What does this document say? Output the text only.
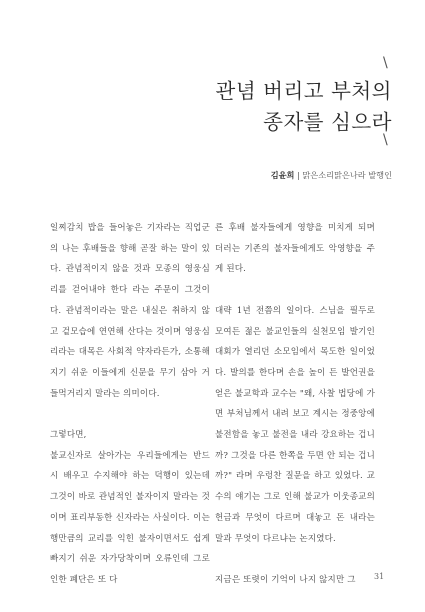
\
관념 버리고 부처의
종자를 심으라
\
김윤희 | 맑은소리맑은나라 발행인

일찌감치 밥을 들어놓은 기자라는 직업군의 나는 후배들을 향해 곧잘 하는 말이 있다. 관념적이지 않을 것과 모종의 영웅심리를 걷어내야 한다 라는 주문이 그것이다. 관념적이라는 말은 내실은 취하지 않고 겉모습에 연연해 산다는 것이며 영웅심리라는 대목은 사회적 약자라든가, 소통해지기 쉬운 이들에게 신문을 무기 삼아 거들먹거리지 말라는 의미이다.

그렇다면,

불교신자로 살아가는 우리들에게는 반드시 배우고 수지해야 하는 덕행이 있는데 그것이 바로 관념적인 불자이지 말라는 것이며 표리부동한 신자라는 사실이다. 이는 행만큼의 교리를 익힌 불자이면서도 쉽게 빠지기 쉬운 자가당착이며 오류인데 그로 인한 폐단은 또 다

른 후배 불자들에게 영향을 미치게 되며 더러는 기존의 불자들에게도 악영향을 주게 된다.

대략 1년 전쯤의 일이다. 스님을 필두로 모여든 젊은 불교인들의 실천모임 발기인대회가 열리던 소모임에서 목도한 일이었다. 발의를 한다며 손을 높이 든 발언권을 얻은 불교학과 교수는 "왜, 사찰 법당에 가면 부처님께서 내려 보고 계시는 정중앙에 불전함을 놓고 불전을 내라 강요하는 겁니까? 그것을 다른 한쪽을 두면 안 되는 겁니까?" 라며 우렁찬 질문을 하고 있었다. 교수의 얘기는 그로 인해 불교가 이웃종교의 헌금과 무엇이 다르며 대놓고 돈 내라는 말과 무엇이 다르냐는 논지였다.

지금은 또렷이 기억이 나지 않지만 그	31
